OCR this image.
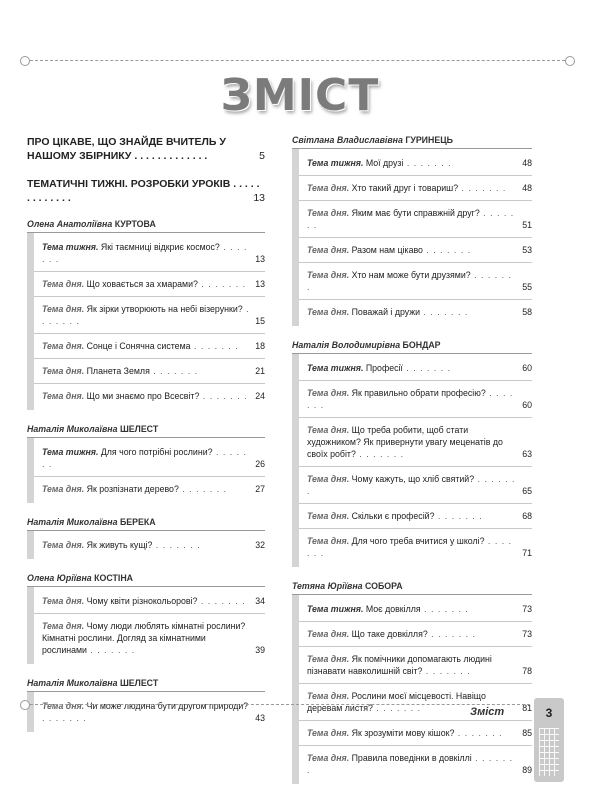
ЗМІСТ
ПРО ЦІКАВЕ, ЩО ЗНАЙДЕ ВЧИТЕЛЬ У НАШОМУ ЗБІРНИКУ . . . . . . . . . . . . .	5
ТЕМАТИЧНІ ТИЖНІ. РОЗРОБКИ УРОКІВ . . . . . . . . . . . . .	13
Олена Анатоліївна КУРТОВА
Тема тижня. Які таємниці відкриє космос? . . . . . . .	13
Тема дня. Що ховається за хмарами? . . . . . . . 13
Тема дня. Як зірки утворюють на небі візерунки? . . . . . . .	15
Тема дня. Сонце і Сонячна система . . . . . . . 18
Тема дня. Планета Земля . . . . . . .	21
Тема дня. Що ми знаємо про Всесвіт? . . . . . . . 24
Наталія Миколаївна ШЕЛЕСТ
Тема тижня. Для чого потрібні рослини? . . . . . . .	26
Тема дня. Як розпізнати дерево? . . . . . . .	27
Наталія Миколаївна БЕРЕКА
Тема дня. Як живуть кущі? . . . . . . .	32
Олена Юріївна КОСТІНА
Тема дня. Чому квіти різнокольорові? . . . . . . . 34
Тема дня. Чому люди люблять кімнатні рослини? Кімнатні рослини. Догляд за кімнатними рослинами . . . . . . .	39
Наталія Миколаївна ШЕЛЕСТ
Тема дня. Чи може людина бути другом природи? . . . . . . .	43
Світлана Владиславівна ГУРИНЕЦЬ
Тема тижня. Мої друзі . . . . . . .	48
Тема дня. Хто такий друг і товариш? . . . . . . . 48
Тема дня. Яким має бути справжній друг? . . . . . . .	51
Тема дня. Разом нам цікаво . . . . . . .	53
Тема дня. Хто нам може бути друзями? . . . . . . .	55
Тема дня. Поважай і дружи . . . . . . .	58
Наталія Володимирівна БОНДАР
Тема тижня. Професії . . . . . . .	60
Тема дня. Як правильно обрати професію? . . . . . . .	60
Тема дня. Що треба робити, щоб стати художником? Як привернути увагу меценатів до своїх робіт? . . . . . . .	63
Тема дня. Чому кажуть, що хліб святий? . . . . . . .	65
Тема дня. Скільки є професій? . . . . . . .	68
Тема дня. Для чого треба вчитися у школі? . . . . . . .	71
Тетяна Юріївна СОБОРА
Тема тижня. Моє довкілля . . . . . . .	73
Тема дня. Що таке довкілля? . . . . . . .	73
Тема дня. Як помічники допомагають людині пізнавати навколишній світ? . . . . . . .	78
Тема дня. Рослини моєї місцевості. Навіщо деревам листя? . . . . . . .	81
Тема дня. Як зрозуміти мову кішок? . . . . . . . 85
Тема дня. Правила поведінки в довкіллі . . . . . . .	89
Зміст	3
